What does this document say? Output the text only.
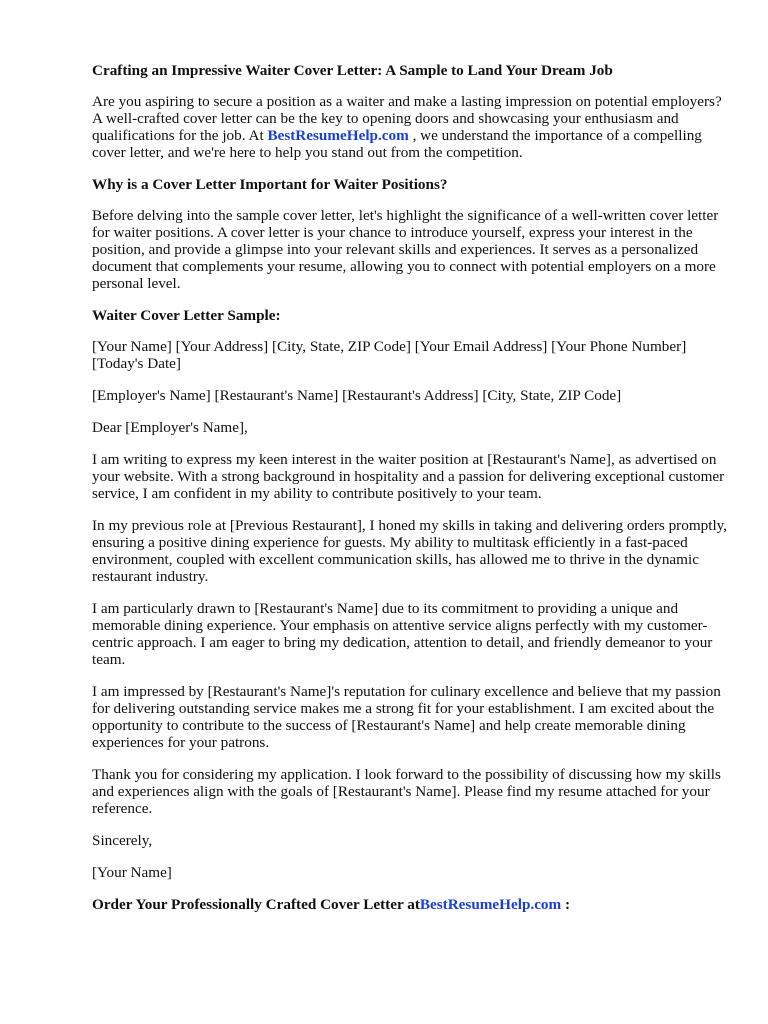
Crafting an Impressive Waiter Cover Letter: A Sample to Land Your Dream Job

Are you aspiring to secure a position as a waiter and make a lasting impression on potential employers? A well-crafted cover letter can be the key to opening doors and showcasing your enthusiasm and qualifications for the job. At BestResumeHelp.com , we understand the importance of a compelling cover letter, and we're here to help you stand out from the competition.

Why is a Cover Letter Important for Waiter Positions?

Before delving into the sample cover letter, let's highlight the significance of a well-written cover letter for waiter positions. A cover letter is your chance to introduce yourself, express your interest in the position, and provide a glimpse into your relevant skills and experiences. It serves as a personalized document that complements your resume, allowing you to connect with potential employers on a more personal level.

Waiter Cover Letter Sample:

[Your Name] [Your Address] [City, State, ZIP Code] [Your Email Address] [Your Phone Number] [Today's Date]

[Employer's Name] [Restaurant's Name] [Restaurant's Address] [City, State, ZIP Code]

Dear [Employer's Name],

I am writing to express my keen interest in the waiter position at [Restaurant's Name], as advertised on your website. With a strong background in hospitality and a passion for delivering exceptional customer service, I am confident in my ability to contribute positively to your team.

In my previous role at [Previous Restaurant], I honed my skills in taking and delivering orders promptly, ensuring a positive dining experience for guests. My ability to multitask efficiently in a fast-paced environment, coupled with excellent communication skills, has allowed me to thrive in the dynamic restaurant industry.

I am particularly drawn to [Restaurant's Name] due to its commitment to providing a unique and memorable dining experience. Your emphasis on attentive service aligns perfectly with my customer-centric approach. I am eager to bring my dedication, attention to detail, and friendly demeanor to your team.

I am impressed by [Restaurant's Name]'s reputation for culinary excellence and believe that my passion for delivering outstanding service makes me a strong fit for your establishment. I am excited about the opportunity to contribute to the success of [Restaurant's Name] and help create memorable dining experiences for your patrons.

Thank you for considering my application. I look forward to the possibility of discussing how my skills and experiences align with the goals of [Restaurant's Name]. Please find my resume attached for your reference.

Sincerely,

[Your Name]

Order Your Professionally Crafted Cover Letter atBestResumeHelp.com :
